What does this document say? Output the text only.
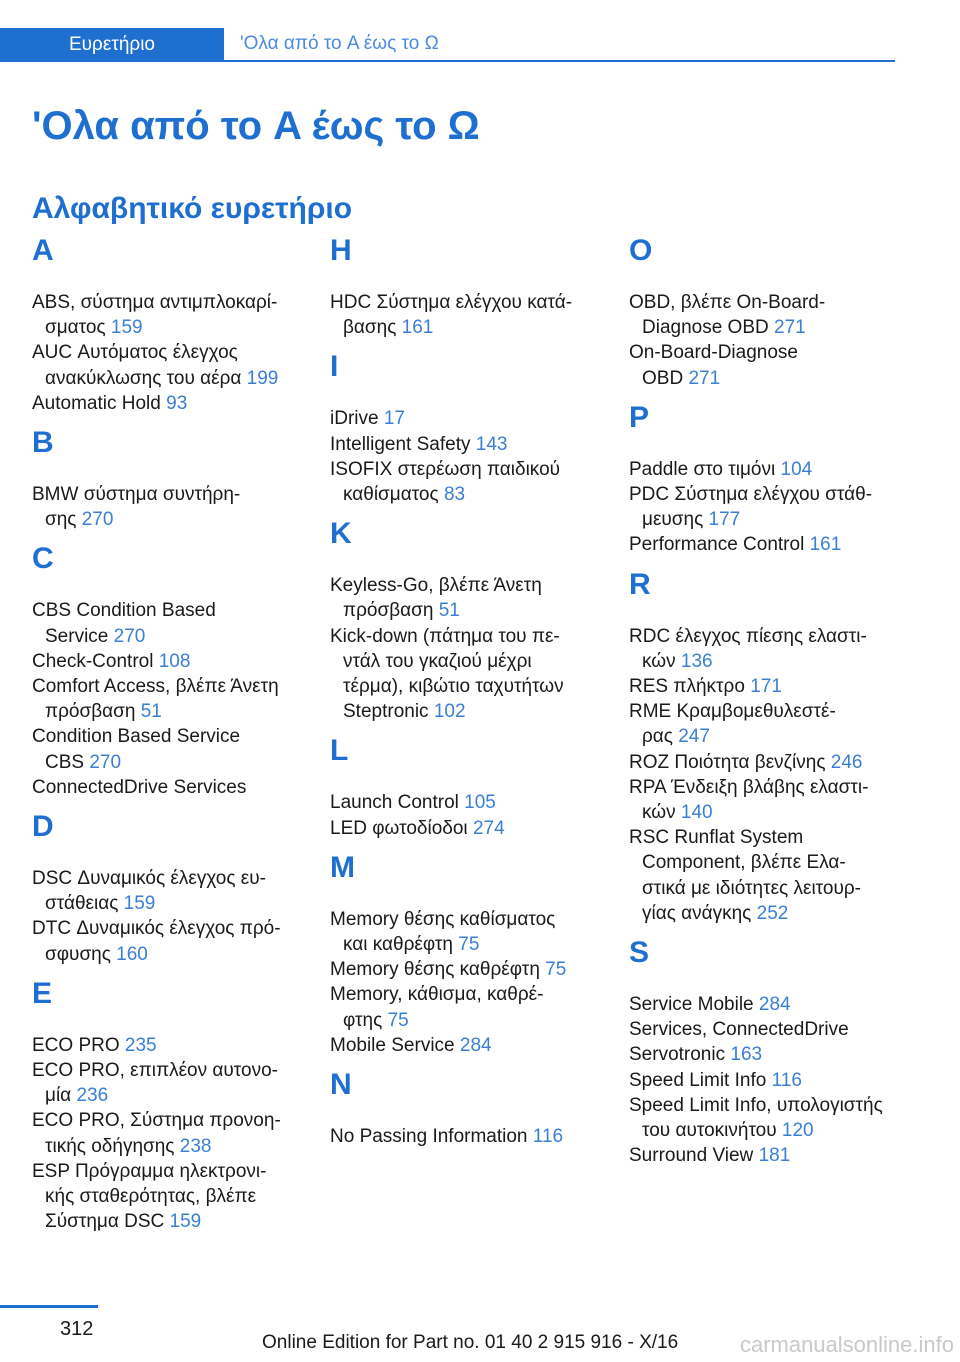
Ευρετήριο	'Ολα από το A έως το Ω
'Ολα από το A έως το Ω
Αλφαβητικό ευρετήριο
A
ABS, σύστημα αντιμπλοκαρί-
σματος 159
AUC Αυτόματος έλεγχος
ανακύκλωσης του αέρα 199
Automatic Hold 93
B
BMW σύστημα συντήρη-
σης 270
C
CBS Condition Based
Service 270
Check-Control 108
Comfort Access, βλέπε Άνετη
πρόσβαση 51
Condition Based Service
CBS 270
ConnectedDrive Services
D
DSC Δυναμικός έλεγχος ευ-
στάθειας 159
DTC Δυναμικός έλεγχος πρό-
σφυσης 160
E
ECO PRO 235
ECO PRO, επιπλέον αυτονο-
μία 236
ECO PRO, Σύστημα προνοη-
τικής οδήγησης 238
ESP Πρόγραμμα ηλεκτρονι-
κής σταθερότητας, βλέπε
Σύστημα DSC 159
H
HDC Σύστημα ελέγχου κατά-
βασης 161
I
iDrive 17
Intelligent Safety 143
ISOFIX στερέωση παιδικού
καθίσματος 83
K
Keyless-Go, βλέπε Άνετη
πρόσβαση 51
Kick-down (πάτημα του πε-
ντάλ του γκαζιού μέχρι
τέρμα), κιβώτιο ταχυτήτων
Steptronic 102
L
Launch Control 105
LED φωτοδίοδοι 274
M
Memory θέσης καθίσματος
και καθρέφτη 75
Memory θέσης καθρέφτη 75
Memory, κάθισμα, καθρέ-
φτης 75
Mobile Service 284
N
No Passing Information 116
O
OBD, βλέπε On-Board-
Diagnose OBD 271
On-Board-Diagnose
OBD 271
P
Paddle στο τιμόνι 104
PDC Σύστημα ελέγχου στάθ-
μευσης 177
Performance Control 161
R
RDC έλεγχος πίεσης ελαστι-
κών 136
RES πλήκτρο 171
RME Κραμβομεθυλεστέ-
ρας 247
ROZ Ποιότητα βενζίνης 246
RPA Ένδειξη βλάβης ελαστι-
κών 140
RSC Runflat System
Component, βλέπε Ελα-
στικά με ιδιότητες λειτουρ-
γίας ανάγκης 252
S
Service Mobile 284
Services, ConnectedDrive
Servotronic 163
Speed Limit Info 116
Speed Limit Info, υπολογιστής
του αυτοκινήτου 120
Surround View 181
312
Online Edition for Part no. 01 40 2 915 916 - X/16	carmanualsonline.info
